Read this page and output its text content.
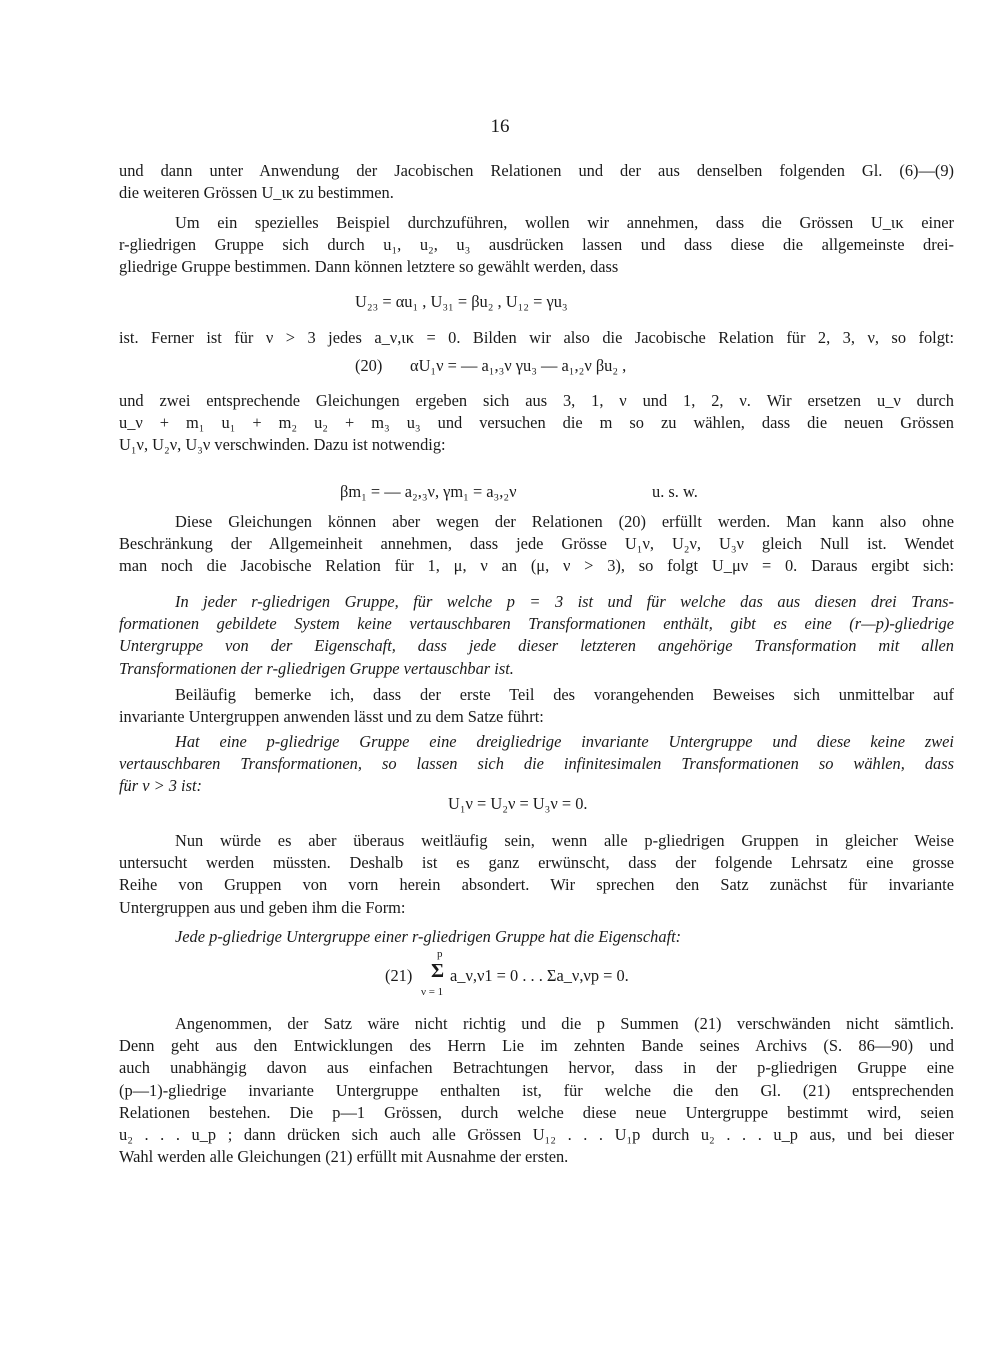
16
und dann unter Anwendung der Jacobischen Relationen und der aus denselben folgenden Gl. (6)—(9)
die weiteren Grössen U_ικ zu bestimmen.
Um ein spezielles Beispiel durchzuführen, wollen wir annehmen, dass die Grössen U_ικ einer
r-gliedrigen Gruppe sich durch u₁, u₂, u₃ ausdrücken lassen und dass diese die allgemeinste drei-
gliedrige Gruppe bestimmen. Dann können letztere so gewählt werden, dass
U₂₃ = αu₁ , U₃₁ = βu₂ , U₁₂ = γu₃
ist. Ferner ist für ν > 3 jedes a_ν,ικ = 0. Bilden wir also die Jacobische Relation für 2, 3, ν, so folgt:
(20) αU₁ν = — a₁,₃ν γu₃ — a₁,₂ν βu₂ ,
und zwei entsprechende Gleichungen ergeben sich aus 3, 1, ν und 1, 2, ν. Wir ersetzen u_ν durch
u_ν + m₁ u₁ + m₂ u₂ + m₃ u₃ und versuchen die m so zu wählen, dass die neuen Grössen
U₁ν, U₂ν, U₃ν verschwinden. Dazu ist notwendig:
βm₁ = — a₂,₃ν, γm₁ = a₃,₂ν	u. s. w.
Diese Gleichungen können aber wegen der Relationen (20) erfüllt werden. Man kann also ohne
Beschränkung der Allgemeinheit annehmen, dass jede Grösse U₁ν, U₂ν, U₃ν gleich Null ist. Wendet
man noch die Jacobische Relation für 1, μ, ν an (μ, ν > 3), so folgt U_μν = 0. Daraus ergibt sich:
In jeder r-gliedrigen Gruppe, für welche p = 3 ist und für welche das aus diesen drei Trans-
formationen gebildete System keine vertauschbaren Transformationen enthält, gibt es eine (r—p)-gliedrige
Untergruppe von der Eigenschaft, dass jede dieser letzteren angehörige Transformation mit allen
Transformationen der r-gliedrigen Gruppe vertauschbar ist.
Beiläufig bemerke ich, dass der erste Teil des vorangehenden Beweises sich unmittelbar auf
invariante Untergruppen anwenden lässt und zu dem Satze führt:
Hat eine p-gliedrige Gruppe eine dreigliedrige invariante Untergruppe und diese keine zwei
vertauschbaren Transformationen, so lassen sich die infinitesimalen Transformationen so wählen, dass
für ν > 3 ist:
U₁ν = U₂ν = U₃ν = 0.
Nun würde es aber überaus weitläufig sein, wenn alle p-gliedrigen Gruppen in gleicher Weise
untersucht werden müssten. Deshalb ist es ganz erwünscht, dass der folgende Lehrsatz eine grosse
Reihe von Gruppen von vorn herein absondert. Wir sprechen den Satz zunächst für invariante
Untergruppen aus und geben ihm die Form:
Jede p-gliedrige Untergruppe einer r-gliedrigen Gruppe hat die Eigenschaft:
(21)
p
Σ
ν = 1
a_ν,ν1 = 0 . . . Σa_ν,νp = 0.
Angenommen, der Satz wäre nicht richtig und die p Summen (21) verschwänden nicht sämtlich.
Denn geht aus den Entwicklungen des Herrn Lie im zehnten Bande seines Archivs (S. 86—90) und
auch unabhängig davon aus einfachen Betrachtungen hervor, dass in der p-gliedrigen Gruppe eine
(p—1)-gliedrige invariante Untergruppe enthalten ist, für welche die den Gl. (21) entsprechenden
Relationen bestehen. Die p—1 Grössen, durch welche diese neue Untergruppe bestimmt wird, seien
u₂ . . . u_p ; dann drücken sich auch alle Grössen U₁₂ . . . U₁p durch u₂ . . . u_p aus, und bei dieser
Wahl werden alle Gleichungen (21) erfüllt mit Ausnahme der ersten.
